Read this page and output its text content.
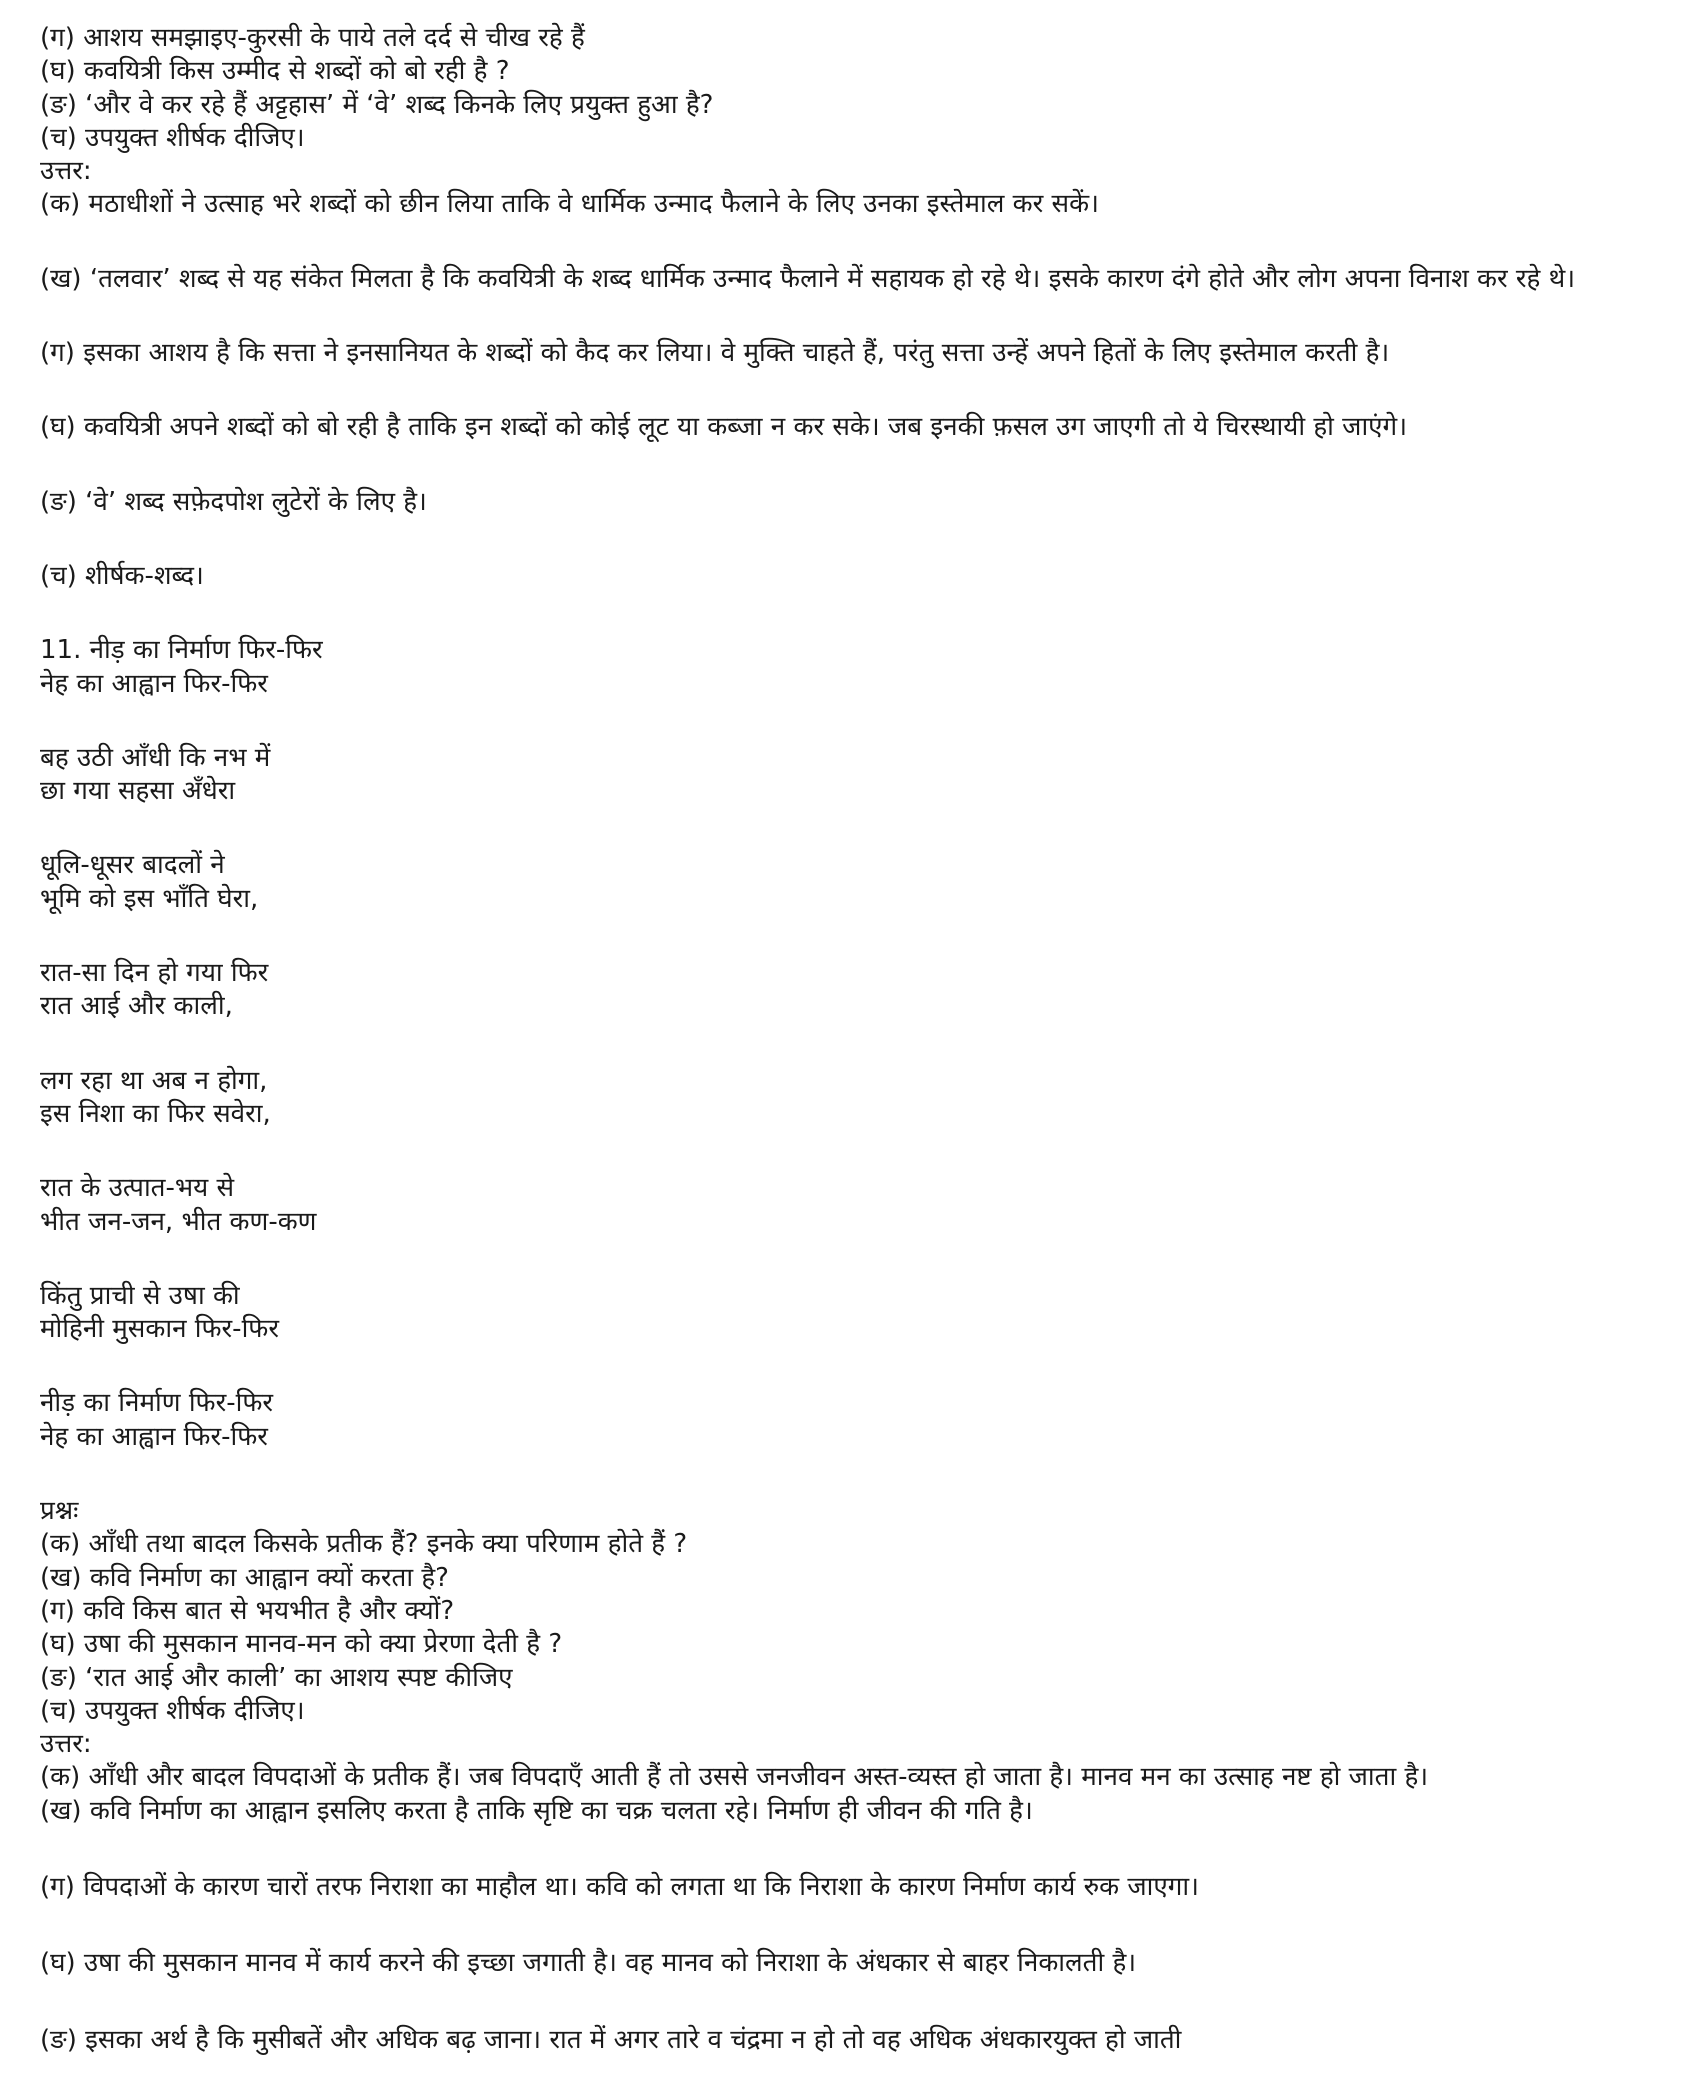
(ग) आशय समझाइए-कुरसी के पाये तले दर्द से चीख रहे हैं
(घ) कवयित्री किस उम्मीद से शब्दों को बो रही है ?
(ङ) ‘और वे कर रहे हैं अट्टहास’ में ‘वे’ शब्द किनके लिए प्रयुक्त हुआ है?
(च) उपयुक्त शीर्षक दीजिए।
उत्तर:
(क) मठाधीशों ने उत्साह भरे शब्दों को छीन लिया ताकि वे धार्मिक उन्माद फैलाने के लिए उनका इस्तेमाल कर सकें।
(ख) ‘तलवार’ शब्द से यह संकेत मिलता है कि कवयित्री के शब्द धार्मिक उन्माद फैलाने में सहायक हो रहे थे। इसके कारण दंगे होते और लोग अपना विनाश कर रहे थे।
(ग) इसका आशय है कि सत्ता ने इनसानियत के शब्दों को कैद कर लिया। वे मुक्ति चाहते हैं, परंतु सत्ता उन्हें अपने हितों के लिए इस्तेमाल करती है।
(घ) कवयित्री अपने शब्दों को बो रही है ताकि इन शब्दों को कोई लूट या कब्जा न कर सके। जब इनकी फ़सल उग जाएगी तो ये चिरस्थायी हो जाएंगे।
(ङ) ‘वे’ शब्द सफ़ेदपोश लुटेरों के लिए है।
(च) शीर्षक-शब्द।
11. नीड़ का निर्माण फिर-फिर
नेह का आह्वान फिर-फिर
बह उठी आँधी कि नभ में
छा गया सहसा अँधेरा
धूलि-धूसर बादलों ने
भूमि को इस भाँति घेरा,
रात-सा दिन हो गया फिर
रात आई और काली,
लग रहा था अब न होगा,
इस निशा का फिर सवेरा,
रात के उत्पात-भय से
भीत जन-जन, भीत कण-कण
किंतु प्राची से उषा की
मोहिनी मुसकान फिर-फिर
नीड़ का निर्माण फिर-फिर
नेह का आह्वान फिर-फिर
प्रश्नः
(क) आँधी तथा बादल किसके प्रतीक हैं? इनके क्या परिणाम होते हैं ?
(ख) कवि निर्माण का आह्वान क्यों करता है?
(ग) कवि किस बात से भयभीत है और क्यों?
(घ) उषा की मुसकान मानव-मन को क्या प्रेरणा देती है ?
(ङ) ‘रात आई और काली’ का आशय स्पष्ट कीजिए
(च) उपयुक्त शीर्षक दीजिए।
उत्तर:
(क) आँधी और बादल विपदाओं के प्रतीक हैं। जब विपदाएँ आती हैं तो उससे जनजीवन अस्त-व्यस्त हो जाता है। मानव मन का उत्साह नष्ट हो जाता है।
(ख) कवि निर्माण का आह्वान इसलिए करता है ताकि सृष्टि का चक्र चलता रहे। निर्माण ही जीवन की गति है।
(ग) विपदाओं के कारण चारों तरफ निराशा का माहौल था। कवि को लगता था कि निराशा के कारण निर्माण कार्य रुक जाएगा।
(घ) उषा की मुसकान मानव में कार्य करने की इच्छा जगाती है। वह मानव को निराशा के अंधकार से बाहर निकालती है।
(ङ) इसका अर्थ है कि मुसीबतें और अधिक बढ़ जाना। रात में अगर तारे व चंद्रमा न हो तो वह अधिक अंधकारयुक्त हो जाती
